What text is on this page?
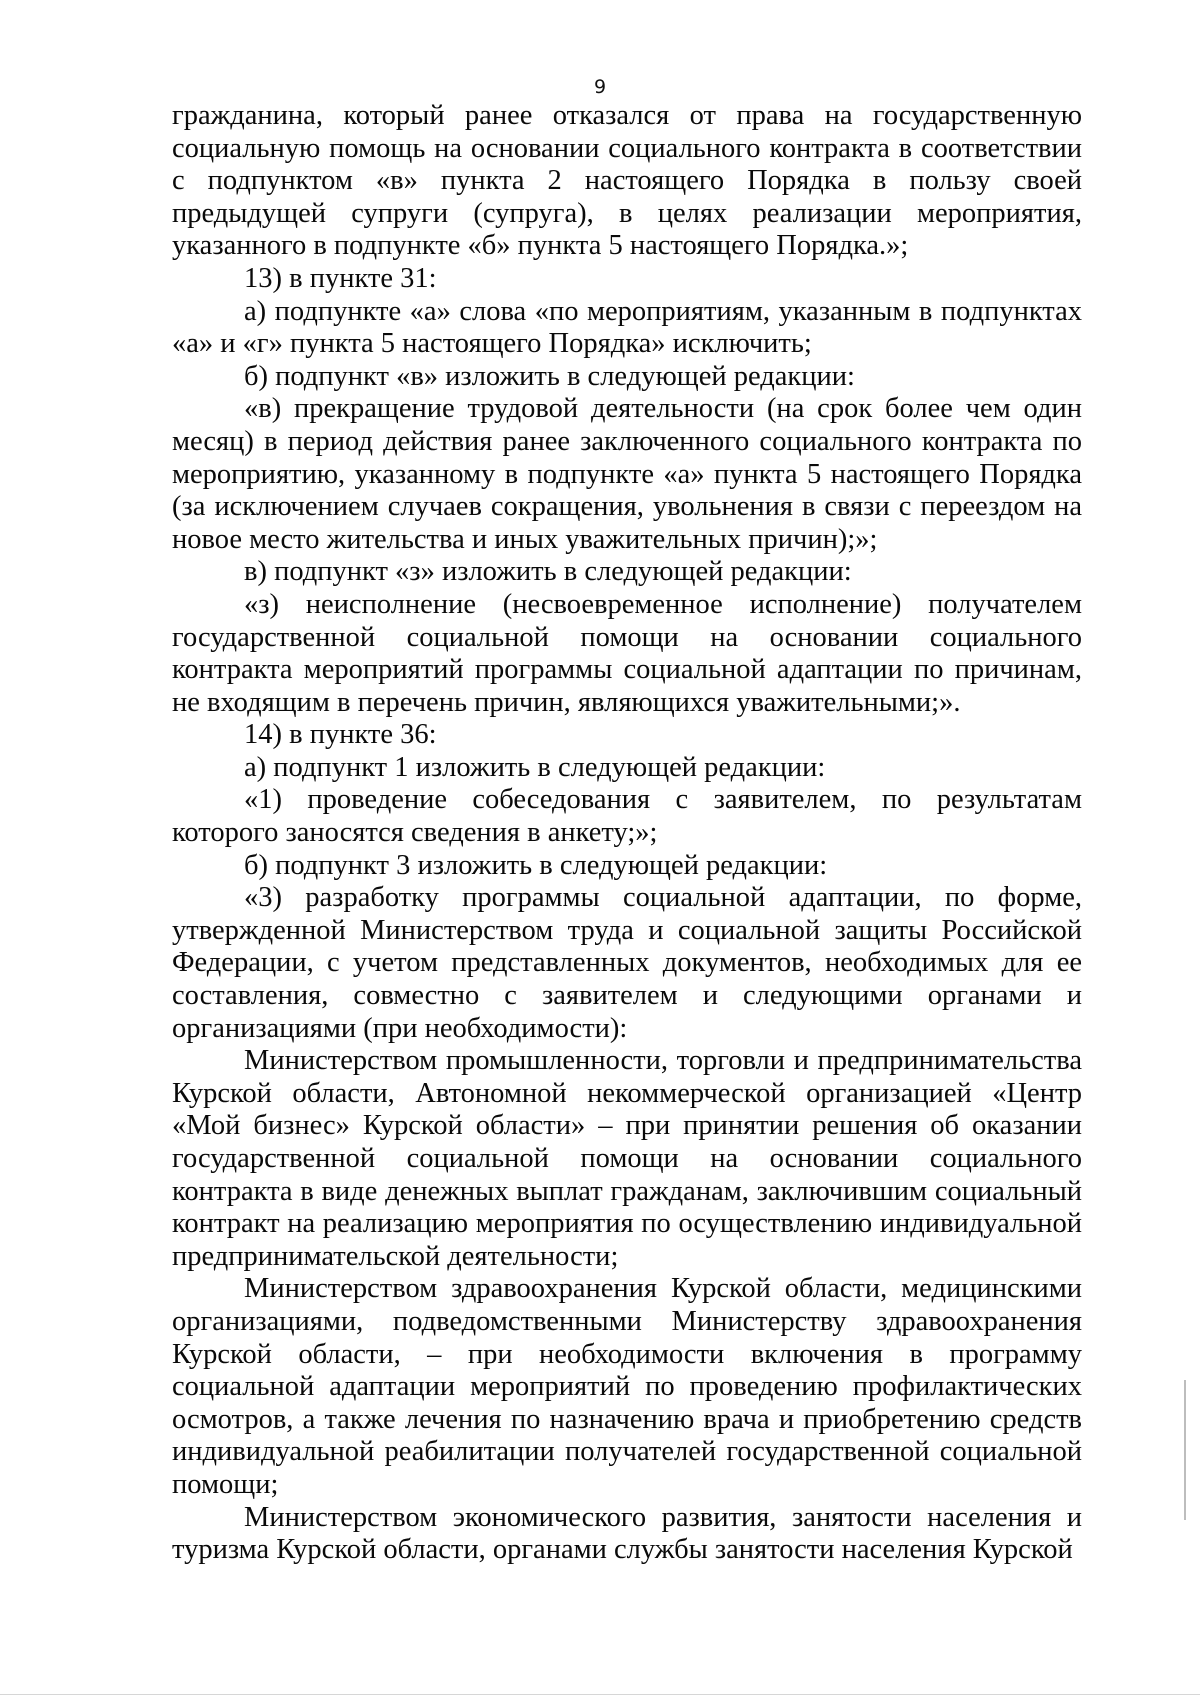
9

гражданина, который ранее отказался от права на государственную социальную помощь на основании социального контракта в соответствии с подпунктом «в» пункта 2 настоящего Порядка в пользу своей предыдущей супруги (супруга), в целях реализации мероприятия, указанного в подпункте «б» пункта 5 настоящего Порядка.»;

13) в пункте 31:

а) подпункте «а» слова «по мероприятиям, указанным в подпунктах «а» и «г» пункта 5 настоящего Порядка» исключить;

б) подпункт «в» изложить в следующей редакции:

«в) прекращение трудовой деятельности (на срок более чем один месяц) в период действия ранее заключенного социального контракта по мероприятию, указанному в подпункте «а» пункта 5 настоящего Порядка (за исключением случаев сокращения, увольнения в связи с переездом на новое место жительства и иных уважительных причин);»;

в) подпункт «з» изложить в следующей редакции:

«з) неисполнение (несвоевременное исполнение) получателем государственной социальной помощи на основании социального контракта мероприятий программы социальной адаптации по причинам, не входящим в перечень причин, являющихся уважительными;».

14) в пункте 36:

а) подпункт 1 изложить в следующей редакции:

«1) проведение собеседования с заявителем, по результатам которого заносятся сведения в анкету;»;

б) подпункт 3 изложить в следующей редакции:

«3) разработку программы социальной адаптации, по форме, утвержденной Министерством труда и социальной защиты Российской Федерации, с учетом представленных документов, необходимых для ее составления, совместно с заявителем и следующими органами и организациями (при необходимости):

Министерством промышленности, торговли и предпринимательства Курской области, Автономной некоммерческой организацией «Центр «Мой бизнес» Курской области» – при принятии решения об оказании государственной социальной помощи на основании социального контракта в виде денежных выплат гражданам, заключившим социальный контракт на реализацию мероприятия по осуществлению индивидуальной предпринимательской деятельности;

Министерством здравоохранения Курской области, медицинскими организациями, подведомственными Министерству здравоохранения Курской области, – при необходимости включения в программу социальной адаптации мероприятий по проведению профилактических осмотров, а также лечения по назначению врача и приобретению средств индивидуальной реабилитации получателей государственной социальной помощи;

Министерством экономического развития, занятости населения и туризма Курской области, органами службы занятости населения Курской
